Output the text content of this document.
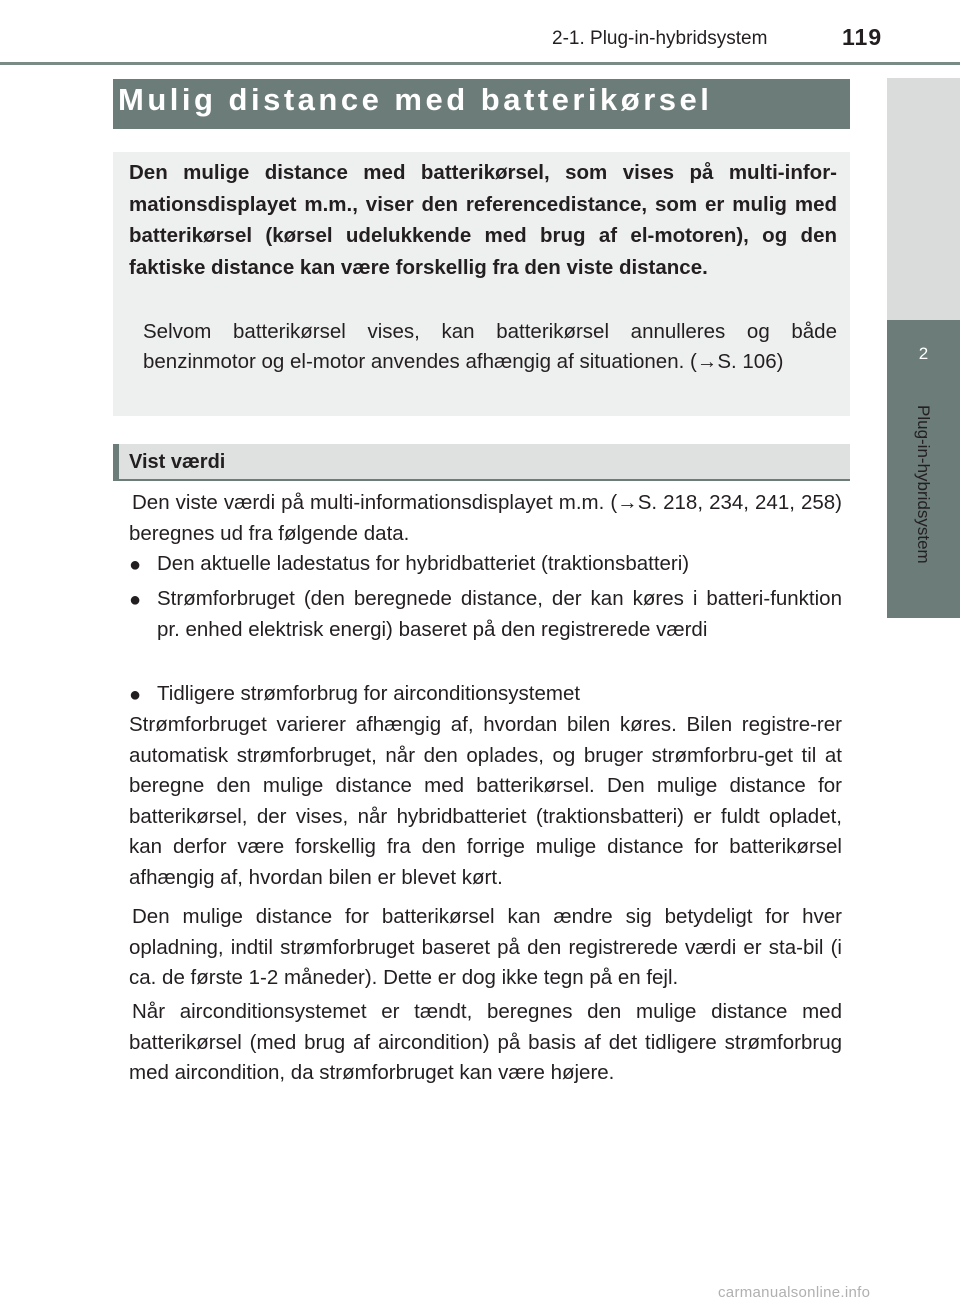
2-1. Plug-in-hybridsystem	119
2
Plug-in-hybridsystem
Mulig distance med batterikørsel
Den mulige distance med batterikørsel, som vises på multi-infor-mationsdisplayet m.m., viser den referencedistance, som er mulig med batterikørsel (kørsel udelukkende med brug af el-motoren), og den faktiske distance kan være forskellig fra den viste distance.
Selvom batterikørsel vises, kan batterikørsel annulleres og både benzinmotor og el-motor anvendes afhængig af situationen. (→S. 106)
Vist værdi
Den viste værdi på multi-informationsdisplayet m.m. (→S. 218, 234, 241, 258) beregnes ud fra følgende data.
● Den aktuelle ladestatus for hybridbatteriet (traktionsbatteri)
● Strømforbruget (den beregnede distance, der kan køres i batteri-funktion pr. enhed elektrisk energi) baseret på den registrerede værdi
● Tidligere strømforbrug for airconditionsystemet
Strømforbruget varierer afhængig af, hvordan bilen køres. Bilen registre-rer automatisk strømforbruget, når den oplades, og bruger strømforbru-get til at beregne den mulige distance med batterikørsel. Den mulige distance for batterikørsel, der vises, når hybridbatteriet (traktionsbatteri) er fuldt opladet, kan derfor være forskellig fra den forrige mulige distance for batterikørsel afhængig af, hvordan bilen er blevet kørt.
Den mulige distance for batterikørsel kan ændre sig betydeligt for hver opladning, indtil strømforbruget baseret på den registrerede værdi er sta-bil (i ca. de første 1-2 måneder). Dette er dog ikke tegn på en fejl.
Når airconditionsystemet er tændt, beregnes den mulige distance med batterikørsel (med brug af aircondition) på basis af det tidligere strømforbrug med aircondition, da strømforbruget kan være højere.
carmanualsonline.info
